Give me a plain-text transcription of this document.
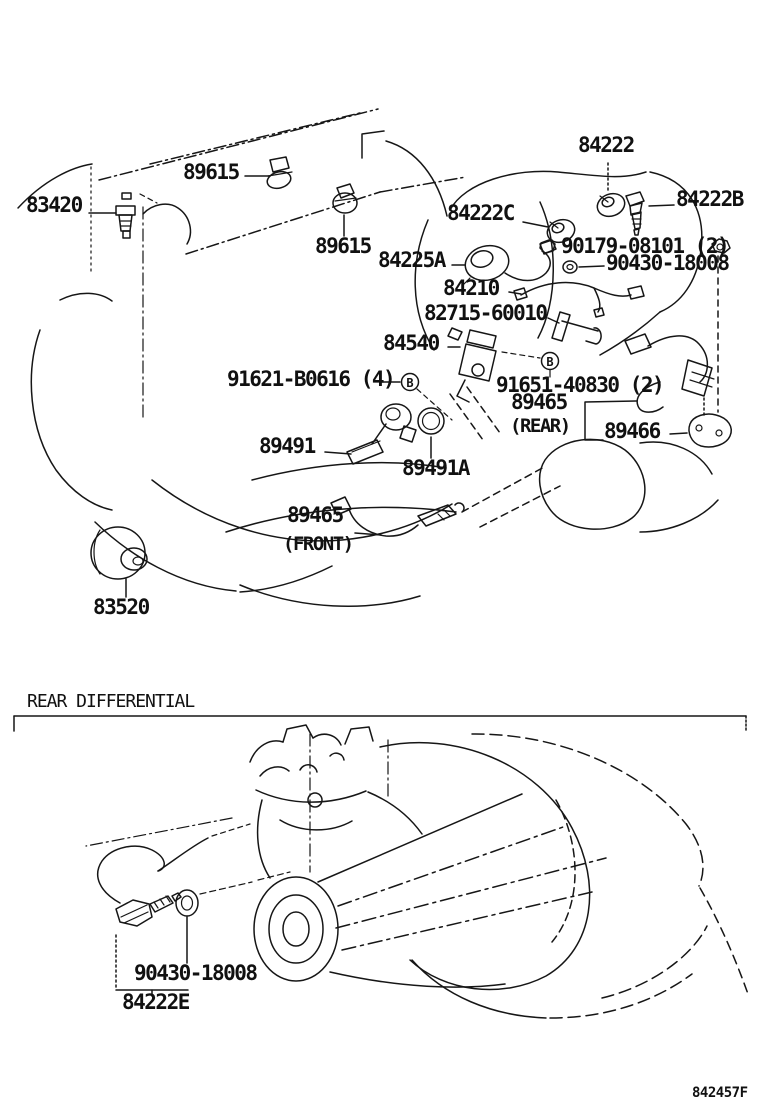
B
B
89615
83420
89615
84222
84222B
84222C
90179-08101 (2)
90430-18008
84225A
84210
82715-60010
84540
91621-B0616 (4)	91651-40830 (2)
89465
(REAR) 89466
89491
89491A
89465
(FRONT)
83520
REAR DIFFERENTIAL
90430-18008
84222E
842457F
